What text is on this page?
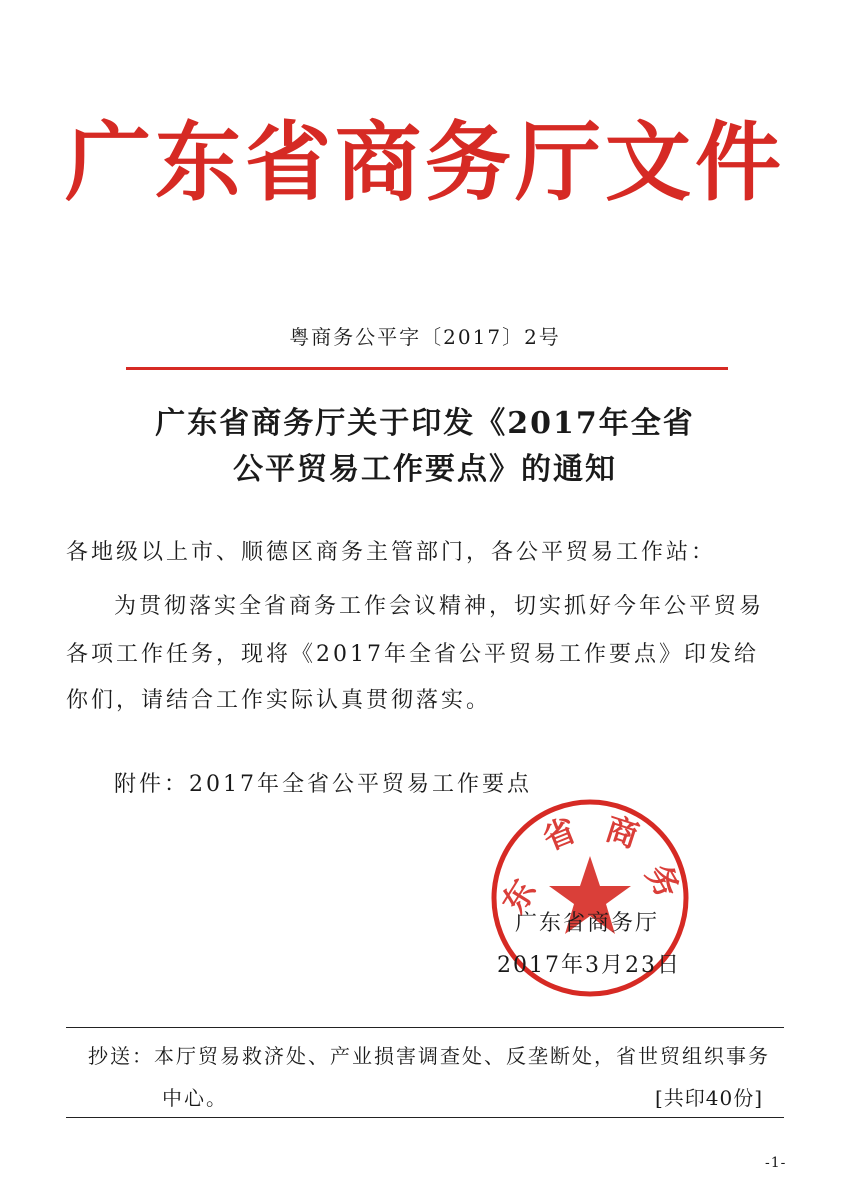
广东省商务厅文件
粤商务公平字〔2017〕2号
广东省商务厅关于印发《2017年全省
公平贸易工作要点》的通知
各地级以上市、顺德区商务主管部门，各公平贸易工作站：
为贯彻落实全省商务工作会议精神，切实抓好今年公平贸易
各项工作任务，现将《2017年全省公平贸易工作要点》印发给
你们，请结合工作实际认真贯彻落实。
附件：2017年全省公平贸易工作要点
东
省 商
务
广东省商务厅
2017年3月23日
抄送：本厅贸易救济处、产业损害调查处、反垄断处，省世贸组织事务
中心。	[共印40份]
-1-
